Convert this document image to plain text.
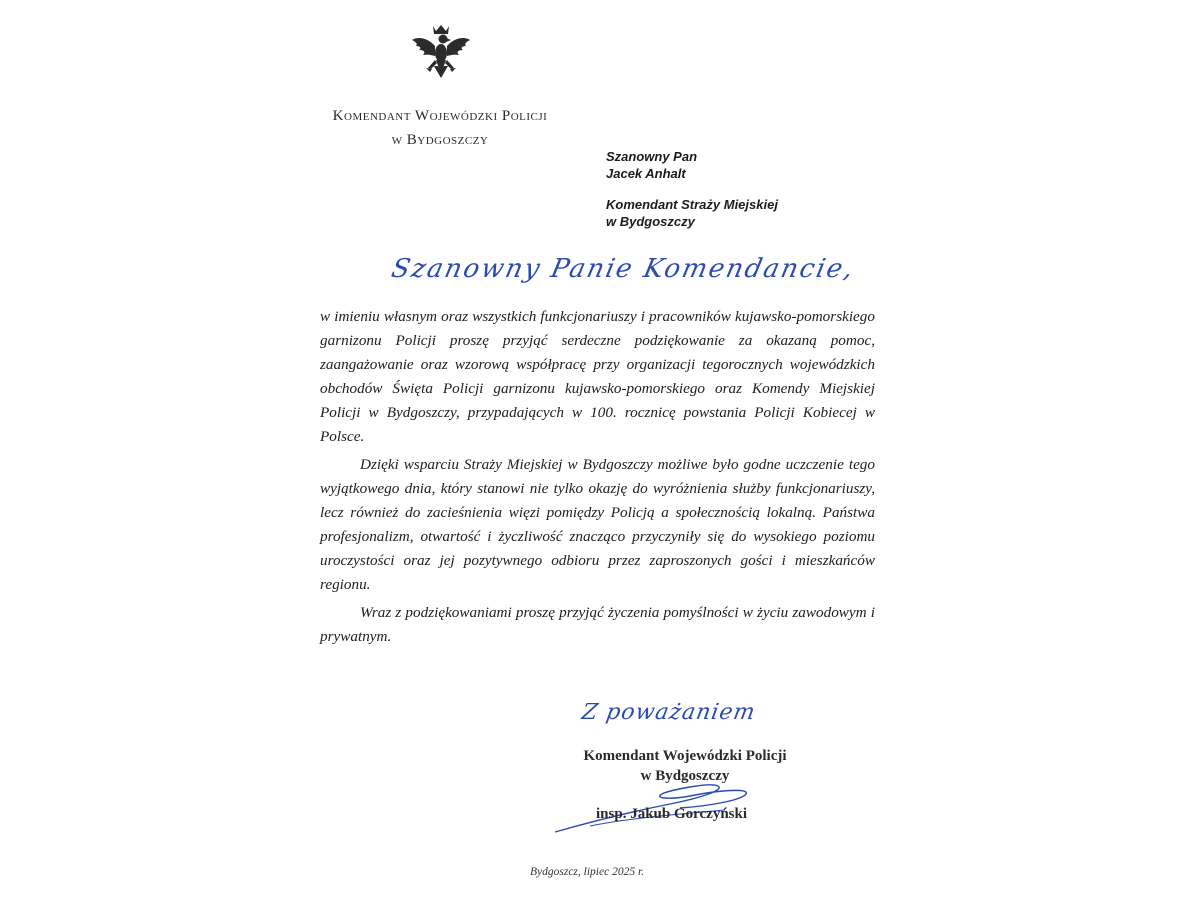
Komendant Wojewódzki Policji
w Bydgoszczy
Szanowny Pan
Jacek Anhalt
Komendant Straży Miejskiej
w Bydgoszczy
Szanowny Panie Komendancie,

w imieniu własnym oraz wszystkich funkcjonariuszy i pracowników kujawsko-pomorskiego garnizonu Policji proszę przyjąć serdeczne podziękowanie za okazaną pomoc, zaangażowanie oraz wzorową współpracę przy organizacji tegorocznych wojewódzkich obchodów Święta Policji garnizonu kujawsko-pomorskiego oraz Komendy Miejskiej Policji w Bydgoszczy, przypadających w 100. rocznicę powstania Policji Kobiecej w Polsce.

Dzięki wsparciu Straży Miejskiej w Bydgoszczy możliwe było godne uczczenie tego wyjątkowego dnia, który stanowi nie tylko okazję do wyróżnienia służby funkcjonariuszy, lecz również do zacieśnienia więzi pomiędzy Policją a społecznością lokalną. Państwa profesjonalizm, otwartość i życzliwość znacząco przyczyniły się do wysokiego poziomu uroczystości oraz jej pozytywnego odbioru przez zaproszonych gości i mieszkańców regionu.

Wraz z podziękowaniami proszę przyjąć życzenia pomyślności w życiu zawodowym i prywatnym.

Z poważaniem
Komendant Wojewódzki Policji
w Bydgoszczy
insp. Jakub Gorczyński
Bydgoszcz, lipiec 2025 r.
